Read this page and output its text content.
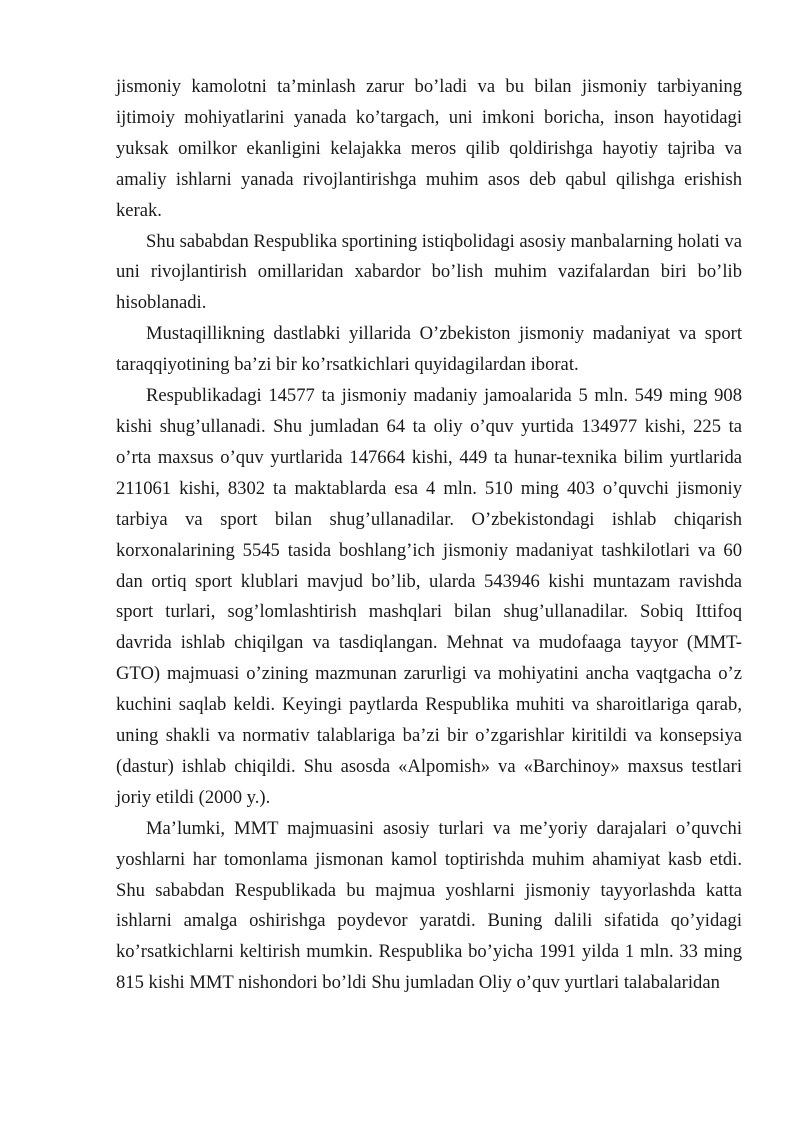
jismoniy kamolotni ta’minlash zarur bo’ladi va bu bilan jismoniy tarbiyaning ijtimoiy mohiyatlarini yanada ko’targach, uni imkoni boricha, inson hayotidagi yuksak omilkor ekanligini kelajakka meros qilib qoldirishga hayotiy tajriba va amaliy ishlarni yanada rivojlantirishga muhim asos deb qabul qilishga erishish kerak.

Shu sababdan Respublika sportining istiqbolidagi asosiy manbalarning holati va uni rivojlantirish omillaridan xabardor bo’lish muhim vazifalardan biri bo’lib hisoblanadi.

Mustaqillikning dastlabki yillarida O’zbekiston jismoniy madaniyat va sport taraqqiyotining ba’zi bir ko’rsatkichlari quyidagilardan iborat.

Respublikadagi 14577 ta jismoniy madaniy jamoalarida 5 mln. 549 ming 908 kishi shug’ullanadi. Shu jumladan 64 ta oliy o’quv yurtida 134977 kishi, 225 ta o’rta maxsus o’quv yurtlarida 147664 kishi, 449 ta hunar-texnika bilim yurtlarida 211061 kishi, 8302 ta maktablarda esa 4 mln. 510 ming 403 o’quvchi jismoniy tarbiya va sport bilan shug’ullanadilar. O’zbekistondagi ishlab chiqarish korxonalarining 5545 tasida boshlang’ich jismoniy madaniyat tashkilotlari va 60 dan ortiq sport klublari mavjud bo’lib, ularda 543946 kishi muntazam ravishda sport turlari, sog’lomlashtirish mashqlari bilan shug’ullanadilar. Sobiq Ittifoq davrida ishlab chiqilgan va tasdiqlangan. Mehnat va mudofaaga tayyor (MMT-GTO) majmuasi o’zining mazmunan zarurligi va mohiyatini ancha vaqtgacha o’z kuchini saqlab keldi. Keyingi paytlarda Respublika muhiti va sharoitlariga qarab, uning shakli va normativ talablariga ba’zi bir o’zgarishlar kiritildi va konsepsiya (dastur) ishlab chiqildi. Shu asosda «Alpomish» va «Barchinoy» maxsus testlari joriy etildi (2000 y.).

Ma’lumki, MMT majmuasini asosiy turlari va me’yoriy darajalari o’quvchi yoshlarni har tomonlama jismonan kamol toptirishda muhim ahamiyat kasb etdi. Shu sababdan Respublikada bu majmua yoshlarni jismoniy tayyorlashda katta ishlarni amalga oshirishga poydevor yaratdi. Buning dalili sifatida qo’yidagi ko’rsatkichlarni keltirish mumkin. Respublika bo’yicha 1991 yilda 1 mln. 33 ming 815 kishi MMT nishondori bo’ldi Shu jumladan Oliy o’quv yurtlari talabalaridan
